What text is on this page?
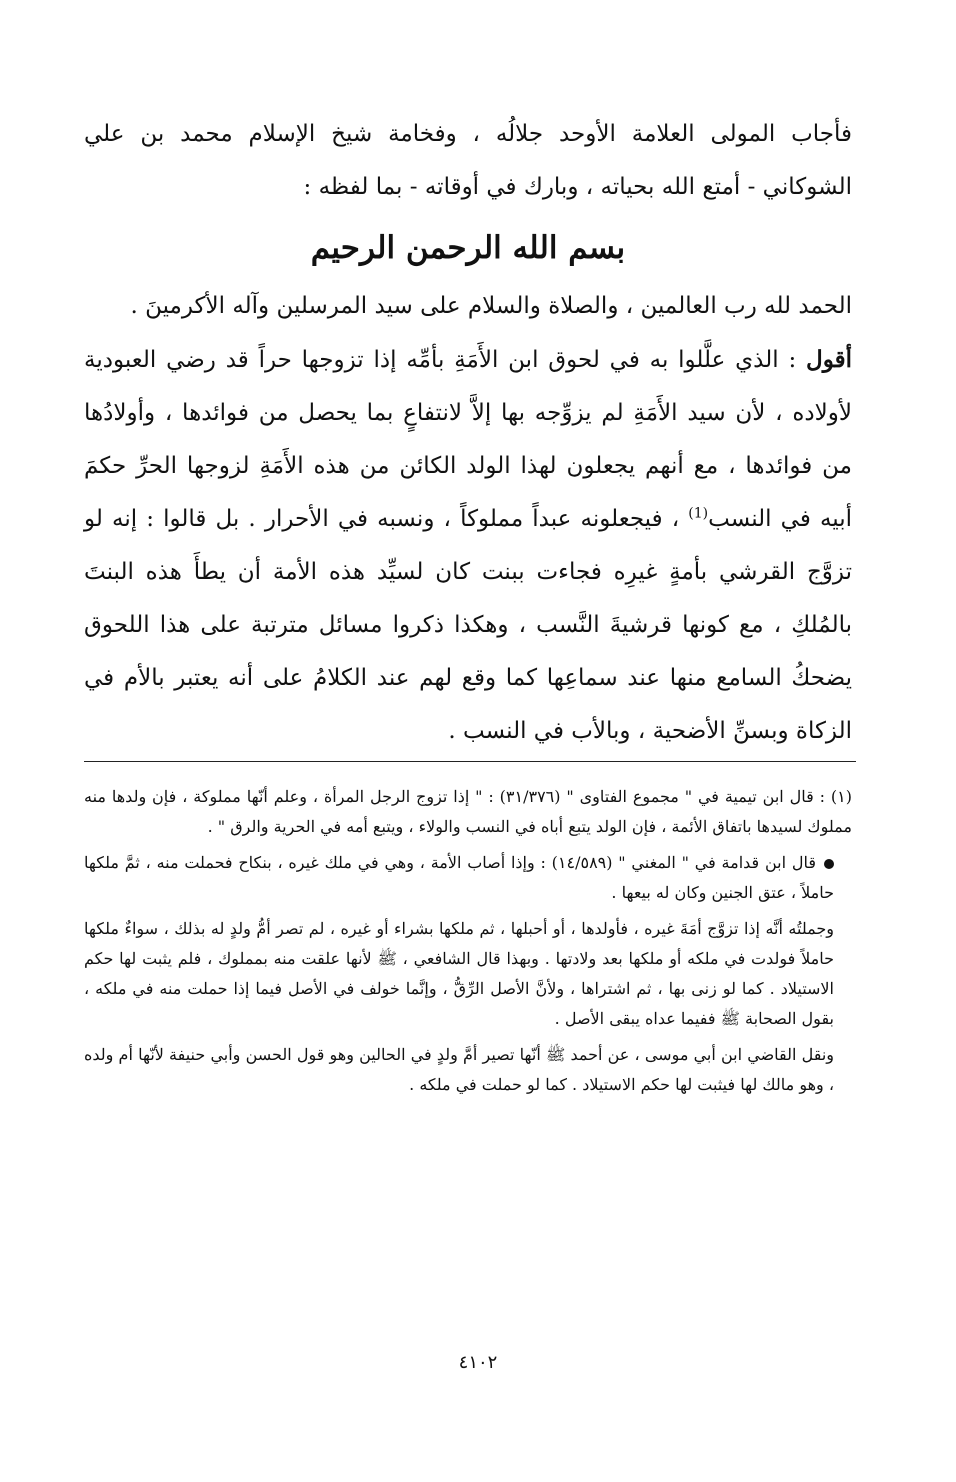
فأجاب المولى العلامة الأوحد جلالُه ، وفخامة شيخ الإسلام محمد بن علي الشوكاني - أمتع الله بحياته ، وبارك في أوقاته - بما لفظه :
بسم الله الرحمن الرحيم

الحمد لله رب العالمين ، والصلاة والسلام على سيد المرسلين وآله الأكرمينَ .

أقول : الذي علَّلوا به في لحوق ابن الأَمَةِ بأمِّه إذا تزوجها حراً قد رضي العبودية لأولاده ، لأن سيد الأَمَةِ لم يزوِّجه بها إلاَّ لانتفاعٍ بما يحصل من فوائدها ، وأولادُها من فوائدها ، مع أنهم يجعلون لهذا الولد الكائن من هذه الأَمَةِ لزوجها الحرِّ حكمَ أبيه في النسب$^{(1)}$ ، فيجعلونه عبداً مملوكاً ، ونسبه في الأحرار . بل قالوا : إنه لو تزوَّج القرشي بأمةٍ غيرِه فجاءت ببنت كان لسيِّد هذه الأمة أن يطأَ هذه البنتَ بالمُلكِ ، مع كونها قرشيةَ النَّسب ، وهكذا ذكروا مسائل مترتبة على هذا اللحوق يضحكُ السامع منها عند سماعِها كما وقع لهم عند الكلامُ على أنه يعتبر بالأم في الزكاة وبسنِّ الأضحية ، وبالأب في النسب .

(١) : قال ابن تيمية في " مجموع الفتاوى " (٣١/٣٧٦) : " إذا تزوج الرجل المرأة ، وعلم أنّها مملوكة ، فإن ولدها منه مملوك لسيدها باتفاق الأئمة ، فإن الولد يتبع أباه في النسب والولاء ، ويتبع أمه في الحرية والرق " .

قال ابن قدامة في " المغني " (١٤/٥٨٩) : وإذا أصاب الأمة ، وهي في ملك غيره ، بنكاح فحملت منه ، ثمَّ ملكها حاملاً ، عتق الجنين وكان له بيعها .

وجملتُه أنَّه إذا تزوَّج أمَةَ غيره ، فأولدها ، أو أحبلها ، ثم ملكها بشراء أو غيره ، لم تصر أمُّ ولدٍ له بذلك ، سواءٌ ملكها حاملاً فولدت في ملكه أو ملكها بعد ولادتها . وبهذا قال الشافعي ، ﷺ لأنها علقت منه بمملوك ، فلم يثبت لها حكم الاستيلاد . كما لو زنى بها ، ثم اشتراها ، ولأنَّ الأصل الرِّقُّ ، وإنَّما خولف في الأصل فيما إذا حملت منه في ملكه ، بقول الصحابة ﷺ ففيما عداه يبقى الأصل .

ونقل القاضي ابن أبي موسى ، عن أحمد ﷺ أنّها تصير أمَّ ولدٍ في الحالين وهو قول الحسن وأبي حنيفة لأنّها أم ولده ، وهو مالك لها فيثبت لها حكم الاستيلاد . كما لو حملت في ملكه .

٤١٠٢
